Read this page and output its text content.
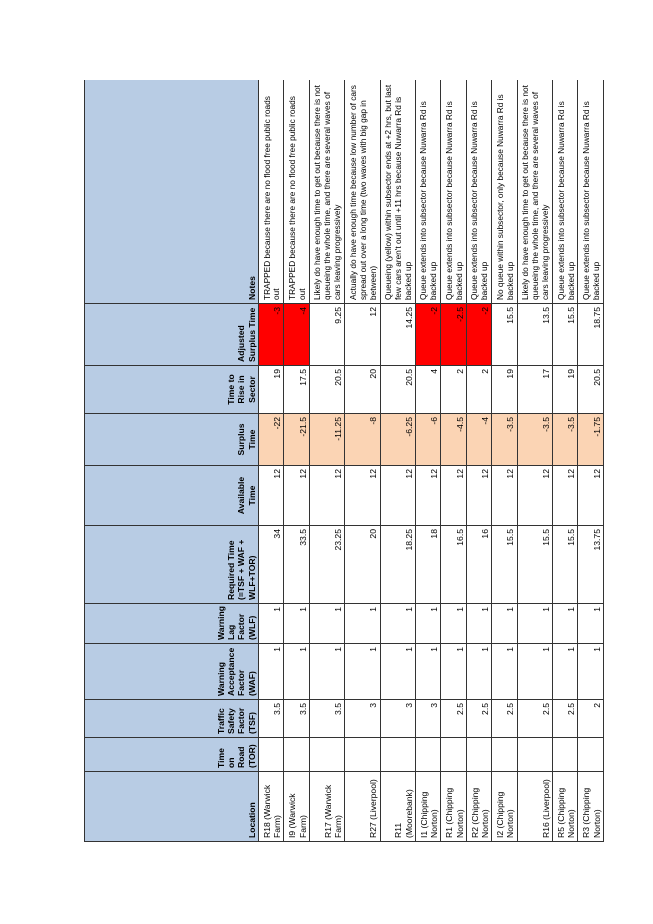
Location	Time on Road (TOR)	Traffic Safety Factor (TSF)	Warning Acceptance Factor (WAF)	Warning Lag Factor (WLF)	Required Time (=TSF + WAF + WLF+TOR)	Available Time	Surplus Time	Time to Rise in Sector	Adjusted Surplus Time	Notes
R18 (Warwick Farm)		3.5	1	1	34	12	-22	19	-3	TRAPPED because there are no flood free public roads out
I9 (Warwick Farm)		3.5	1	1	33.5	12	-21.5	17.5	-4	TRAPPED because there are no flood free public roads out
R17 (Warwick Farm)		3.5	1	1	23.25	12	-11.25	20.5	9.25	Likely do have enough time to get out because there is not queueing the whole time, and there are several waves of cars leaving progressively
R27 (Liverpool)		3	1	1	20	12	-8	20	12	Actually do have enough time because low number of cars spread out over a long time (two waves with big gap in between)
R11 (Moorebank)		3	1	1	18.25	12	-6.25	20.5	14.25	Queueing (yellow) within subsector ends at +2 hrs, but last few cars aren't out until +11 hrs because Nuwarra Rd is backed up
I1 (Chipping Norton)		3	1	1	18	12	-6	4	-2	Queue extends into subsector because Nuwarra Rd is backed up
R1 (Chipping Norton)		2.5	1	1	16.5	12	-4.5	2	-2.5	Queue extends into subsector because Nuwarra Rd is backed up
R2 (Chipping Norton)		2.5	1	1	16	12	-4	2	-2	Queue extends into subsector because Nuwarra Rd is backed up
I2 (Chipping Norton)		2.5	1	1	15.5	12	-3.5	19	15.5	No queue within subsector, only because Nuwarra Rd is backed up
R16 (Liverpool)		2.5	1	1	15.5	12	-3.5	17	13.5	Likely do have enough time to get out because there is not queueing the whole time, and there are several waves of cars leaving progressively
R5 (Chipping Norton)		2.5	1	1	15.5	12	-3.5	19	15.5	Queue extends into subsector because Nuwarra Rd is backed up
R3 (Chipping Norton)		2	1	1	13.75	12	-1.75	20.5	18.75	Queue extends into subsector because Nuwarra Rd is backed up
